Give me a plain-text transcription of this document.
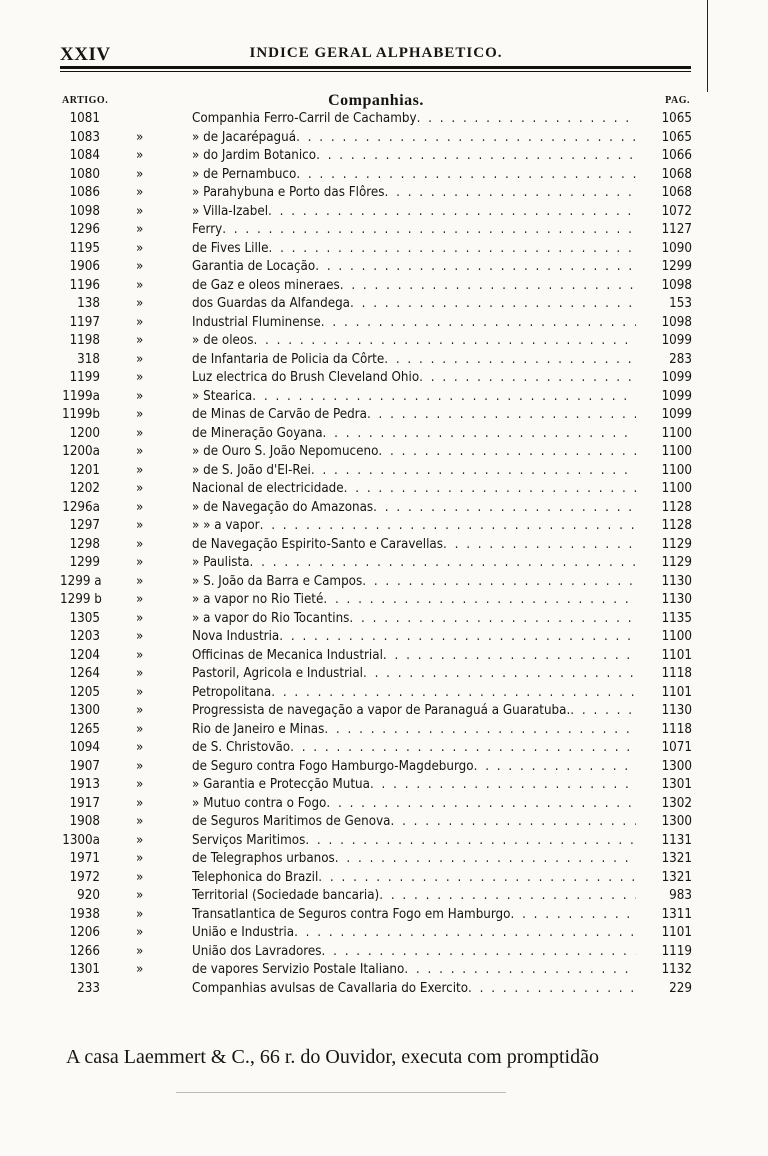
XXIV	INDICE GERAL ALPHABETICO.
ARTIGO.	Companhias.	PAG.
1081	Companhia Ferro-Carril de Cachamby . . .	1065
1083	»	» de Jacarépaguá . . .	1065
1084	»	» do Jardim Botanico . . .	1066
1080	»	» de Pernambuco . . .	1068
1086	»	» Parahybuna e Porto das Flôres . . .	1068
1098	»	» Villa-Izabel . . .	1072
1296	»	Ferry . . .	1127
1195	»	de Fives Lille . . .	1090
1906	»	Garantia de Locação . . .	1299
1196	»	de Gaz e oleos mineraes . . .	1098
138	»	dos Guardas da Alfandega . . .	153
1197	»	Industrial Fluminense . . .	1098
1198	»	» de oleos . . .	1099
318	»	de Infantaria de Policia da Côrte . . .	283
1199	»	Luz electrica do Brush Cleveland Ohio . . .	1099
1199a	»	» Stearica . . .	1099
1199b	»	de Minas de Carvão de Pedra . . .	1099
1200	»	de Mineração Goyana . . .	1100
1200a	»	» de Ouro S. João Nepomuceno . . .	1100
1201	»	» de S. João d'El-Rei . . .	1100
1202	»	Nacional de electricidade . . .	1100
1296a	»	» de Navegação do Amazonas . . .	1128
1297	»	» » a vapor . . .	1128
1298	»	de Navegação Espirito-Santo e Caravellas . . .	1129
1299	»	» Paulista . . .	1129
1299 a	»	» S. João da Barra e Campos . . .	1130
1299 b	»	» a vapor no Rio Tieté . . .	1130
1305	»	» a vapor do Rio Tocantins . . .	1135
1203	»	Nova Industria . . .	1100
1204	»	Officinas de Mecanica Industrial . . .	1101
1264	»	Pastoril, Agricola e Industrial . . .	1118
1205	»	Petropolitana . . .	1101
1300	»	Progressista de navegação a vapor de Paranaguá a Guaratuba. . . .	1130
1265	»	Rio de Janeiro e Minas . . .	1118
1094	»	de S. Christovão . . .	1071
1907	»	de Seguro contra Fogo Hamburgo-Magdeburgo . . .	1300
1913	»	» Garantia e Protecção Mutua . . .	1301
1917	»	» Mutuo contra o Fogo . . .	1302
1908	»	de Seguros Maritimos de Genova . . .	1300
1300a	»	Serviços Maritimos . . .	1131
1971	»	de Telegraphos urbanos . . .	1321
1972	»	Telephonica do Brazil . . .	1321
920	»	Territorial (Sociedade bancaria) . . .	983
1938	»	Transatlantica de Seguros contra Fogo em Hamburgo . . .	1311
1206	»	União e Industria . . .	1101
1266	»	União dos Lavradores . . .	1119
1301	»	de vapores Servizio Postale Italiano . . .	1132
233	Companhias avulsas de Cavallaria do Exercito . . .	229
A casa Laemmert & C., 66 r. do Ouvidor, executa com promptidão
